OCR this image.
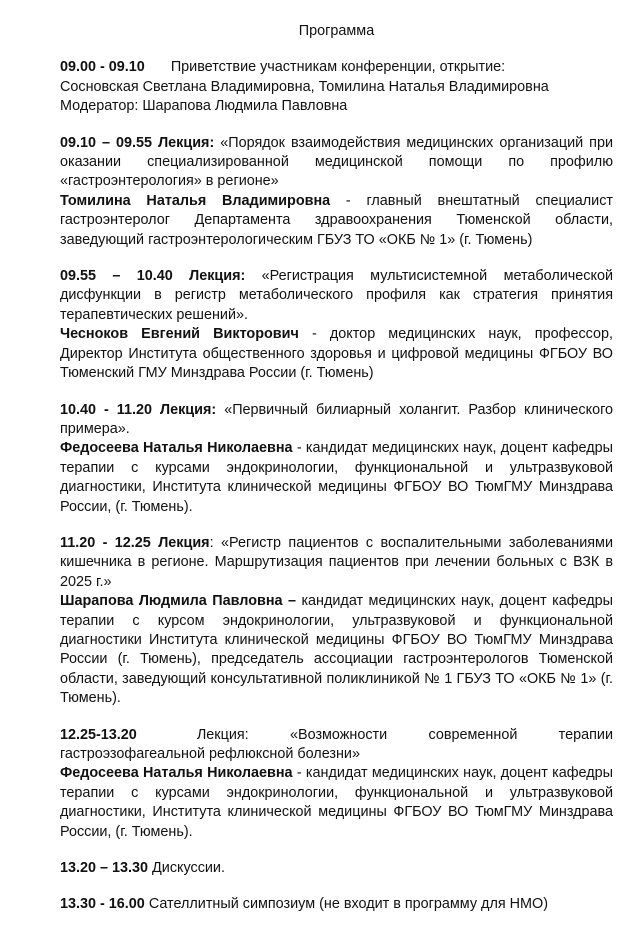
Программа
09.00 - 09.10 Приветствие участникам конференции, открытие:
Сосновская Светлана Владимировна, Томилина Наталья Владимировна
Модератор: Шарапова Людмила Павловна
09.10 – 09.55 Лекция: «Порядок взаимодействия медицинских организаций при оказании специализированной медицинской помощи по профилю «гастроэнтерология» в регионе»
Томилина Наталья Владимировна - главный внештатный специалист гастроэнтеролог Департамента здравоохранения Тюменской области, заведующий гастроэнтерологическим ГБУЗ ТО «ОКБ № 1» (г. Тюмень)
09.55 – 10.40 Лекция: «Регистрация мультисистемной метаболической дисфункции в регистр метаболического профиля как стратегия принятия терапевтических решений».
Чесноков Евгений Викторович - доктор медицинских наук, профессор, Директор Института общественного здоровья и цифровой медицины ФГБОУ ВО Тюменский ГМУ Минздрава России (г. Тюмень)
10.40 - 11.20 Лекция: «Первичный билиарный холангит. Разбор клинического примера».
Федосеева Наталья Николаевна - кандидат медицинских наук, доцент кафедры терапии с курсами эндокринологии, функциональной и ультразвуковой диагностики, Института клинической медицины ФГБОУ ВО ТюмГМУ Минздрава России, (г. Тюмень).
11.20 - 12.25 Лекция: «Регистр пациентов с воспалительными заболеваниями кишечника в регионе. Маршрутизация пациентов при лечении больных с ВЗК в 2025 г.»
Шарапова Людмила Павловна – кандидат медицинских наук, доцент кафедры терапии с курсом эндокринологии, ультразвуковой и функциональной диагностики Института клинической медицины ФГБОУ ВО ТюмГМУ Минздрава России (г. Тюмень), председатель ассоциации гастроэнтерологов Тюменской области, заведующий консультативной поликлиникой № 1 ГБУЗ ТО «ОКБ № 1» (г. Тюмень).
12.25-13.20	Лекция:	«Возможности современной терапии гастроэзофагеальной рефлюксной болезни»
Федосеева Наталья Николаевна - кандидат медицинских наук, доцент кафедры терапии с курсами эндокринологии, функциональной и ультразвуковой диагностики, Института клинической медицины ФГБОУ ВО ТюмГМУ Минздрава России, (г. Тюмень).
13.20 – 13.30 Дискуссии.
13.30 - 16.00 Сателлитный симпозиум (не входит в программу для НМО)
